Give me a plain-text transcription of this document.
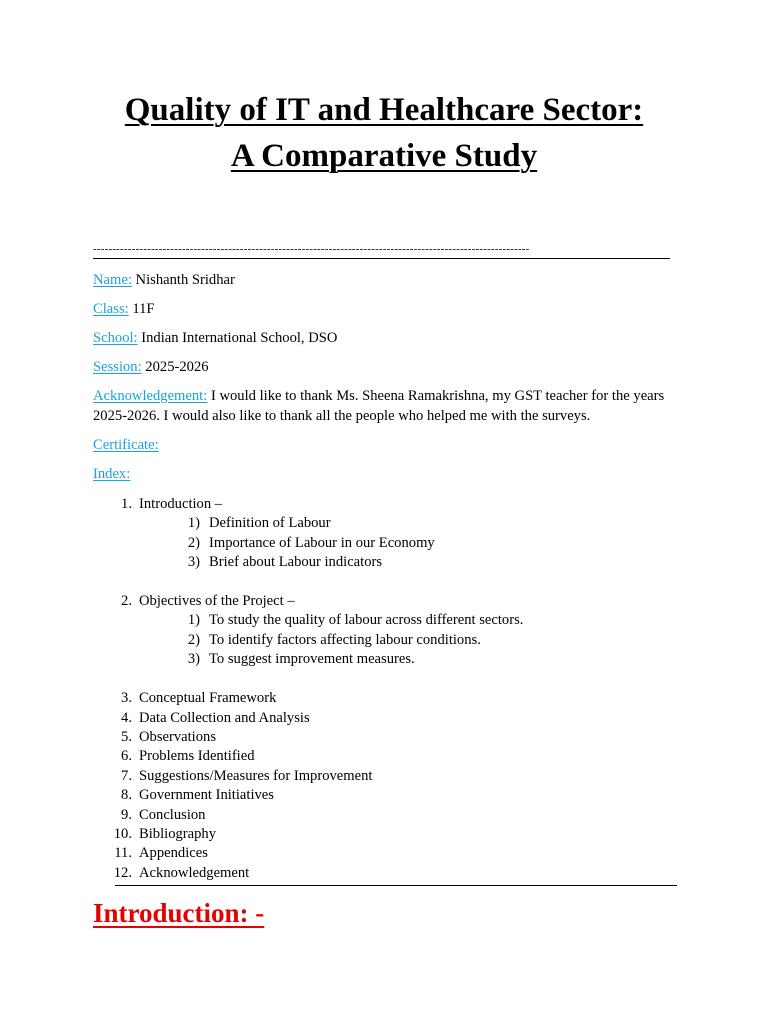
Quality of IT and Healthcare Sector:
A Comparative Study
-----------------------------------------------------------------------------------------------------------------
Name: Nishanth Sridhar
Class: 11F
School: Indian International School, DSO
Session: 2025-2026
Acknowledgement: I would like to thank Ms. Sheena Ramakrishna, my GST teacher for the years 2025-2026. I would also like to thank all the people who helped me with the surveys.
Certificate:
Index:
1. Introduction –
1) Definition of Labour
2) Importance of Labour in our Economy
3) Brief about Labour indicators
2. Objectives of the Project –
1) To study the quality of labour across different sectors.
2) To identify factors affecting labour conditions.
3) To suggest improvement measures.
3. Conceptual Framework
4. Data Collection and Analysis
5. Observations
6. Problems Identified
7. Suggestions/Measures for Improvement
8. Government Initiatives
9. Conclusion
10. Bibliography
11. Appendices
12. Acknowledgement
Introduction: -
